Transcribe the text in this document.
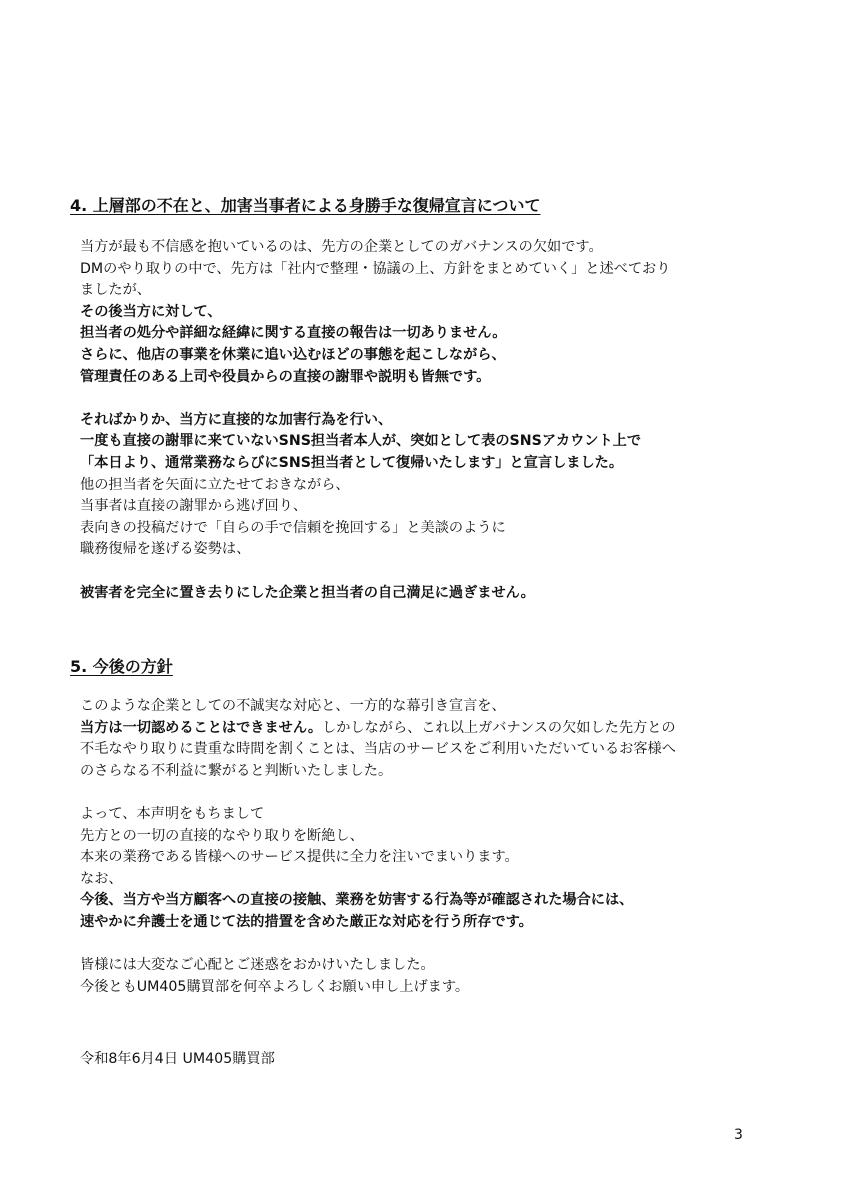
4. 上層部の不在と、加害当事者による身勝手な復帰宣言について

当方が最も不信感を抱いているのは、先方の企業としてのガバナンスの欠如です。

DMのやり取りの中で、先方は「社内で整理・協議の上、方針をまとめていく」と述べており

ましたが、

その後当方に対して、

担当者の処分や詳細な経緯に関する直接の報告は一切ありません。

さらに、他店の事業を休業に追い込むほどの事態を起こしながら、

管理責任のある上司や役員からの直接の謝罪や説明も皆無です。

そればかりか、当方に直接的な加害行為を行い、

一度も直接の謝罪に来ていないSNS担当者本人が、突如として表のSNSアカウント上で

「本日より、通常業務ならびにSNS担当者として復帰いたします」と宣言しました。

他の担当者を矢面に立たせておきながら、

当事者は直接の謝罪から逃げ回り、

表向きの投稿だけで「自らの手で信頼を挽回する」と美談のように

職務復帰を遂げる姿勢は、

被害者を完全に置き去りにした企業と担当者の自己満足に過ぎません。

5. 今後の方針

このような企業としての不誠実な対応と、一方的な幕引き宣言を、

当方は一切認めることはできません。しかしながら、これ以上ガバナンスの欠如した先方との

不毛なやり取りに貴重な時間を割くことは、当店のサービスをご利用いただいているお客様へ

のさらなる不利益に繋がると判断いたしました。

よって、本声明をもちまして

先方との一切の直接的なやり取りを断絶し、

本来の業務である皆様へのサービス提供に全力を注いでまいります。

なお、

今後、当方や当方顧客への直接の接触、業務を妨害する行為等が確認された場合には、

速やかに弁護士を通じて法的措置を含めた厳正な対応を行う所存です。

皆様には大変なご心配とご迷惑をおかけいたしました。

今後ともUM405購買部を何卒よろしくお願い申し上げます。

令和8年6月4日 UM405購買部
3
